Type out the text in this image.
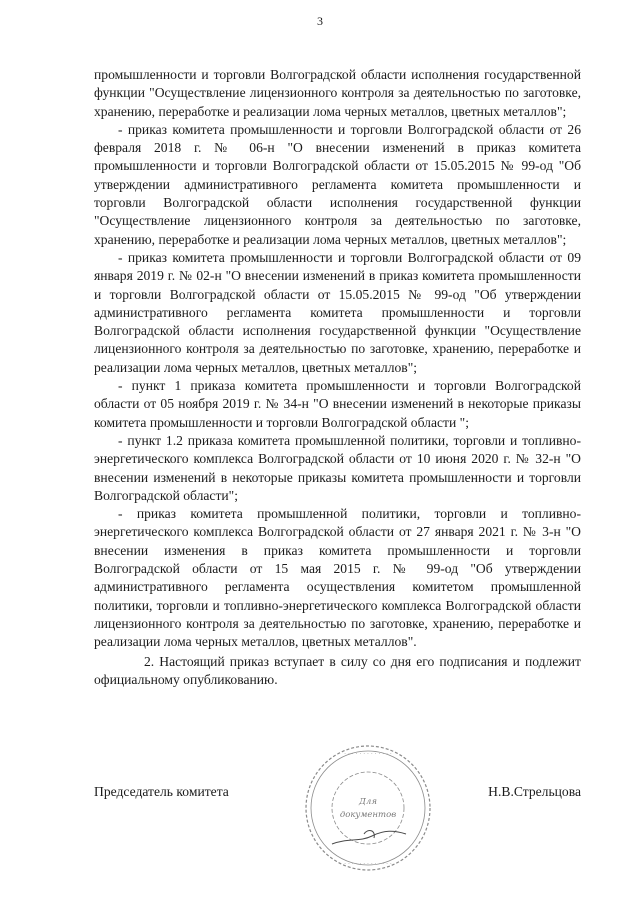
3

промышленности и торговли Волгоградской области исполнения государственной функции "Осуществление лицензионного контроля за деятельностью по заготовке, хранению, переработке и реализации лома черных металлов, цветных металлов";

- приказ комитета промышленности и торговли Волгоградской области от 26 февраля 2018 г. № 06-н "О внесении изменений в приказ комитета промышленности и торговли Волгоградской области от 15.05.2015 № 99-од "Об утверждении административного регламента комитета промышленности и торговли Волгоградской области исполнения государственной функции "Осуществление лицензионного контроля за деятельностью по заготовке, хранению, переработке и реализации лома черных металлов, цветных металлов";

- приказ комитета промышленности и торговли Волгоградской области от 09 января 2019 г. № 02-н "О внесении изменений в приказ комитета промышленности и торговли Волгоградской области от 15.05.2015 № 99-од "Об утверждении административного регламента комитета промышленности и торговли Волгоградской области исполнения государственной функции "Осуществление лицензионного контроля за деятельностью по заготовке, хранению, переработке и реализации лома черных металлов, цветных металлов";

- пункт 1 приказа комитета промышленности и торговли Волгоградской области от 05 ноября 2019 г. № 34-н "О внесении изменений в некоторые приказы комитета промышленности и торговли Волгоградской области ";

- пункт 1.2 приказа комитета промышленной политики, торговли и топливно-энергетического комплекса Волгоградской области от 10 июня 2020 г. № 32-н "О внесении изменений в некоторые приказы комитета промышленности и торговли Волгоградской области";

- приказ комитета промышленной политики, торговли и топливно-энергетического комплекса Волгоградской области от 27 января 2021 г. № 3-н "О внесении изменения в приказ комитета промышленности и торговли Волгоградской области от 15 мая 2015 г. № 99-од "Об утверждении административного регламента осуществления комитетом промышленной политики, торговли и топливно-энергетического комплекса Волгоградской области лицензионного контроля за деятельностью по заготовке, хранению, переработке и реализации лома черных металлов, цветных металлов".

2. Настоящий приказ вступает в силу со дня его подписания и подлежит официальному опубликованию.

Председатель комитета	Н.В.Стрельцова
· · · · · · · · · · · · ·
· · · · · · · · · · · · ·
Для
документов
